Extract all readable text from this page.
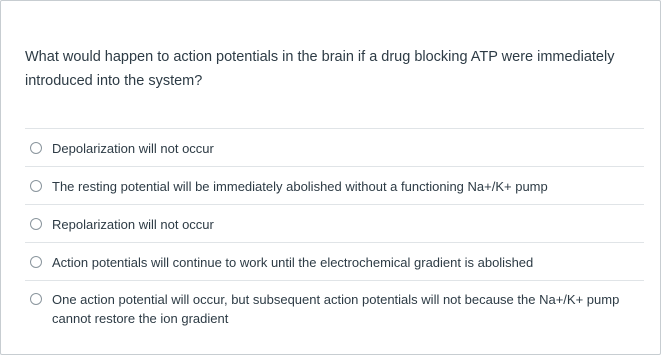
What would happen to action potentials in the brain if a drug blocking ATP were immediately introduced into the system?
Depolarization will not occur
The resting potential will be immediately abolished without a functioning Na+/K+ pump
Repolarization will not occur
Action potentials will continue to work until the electrochemical gradient is abolished
One action potential will occur, but subsequent action potentials will not because the Na+/K+ pump cannot restore the ion gradient
